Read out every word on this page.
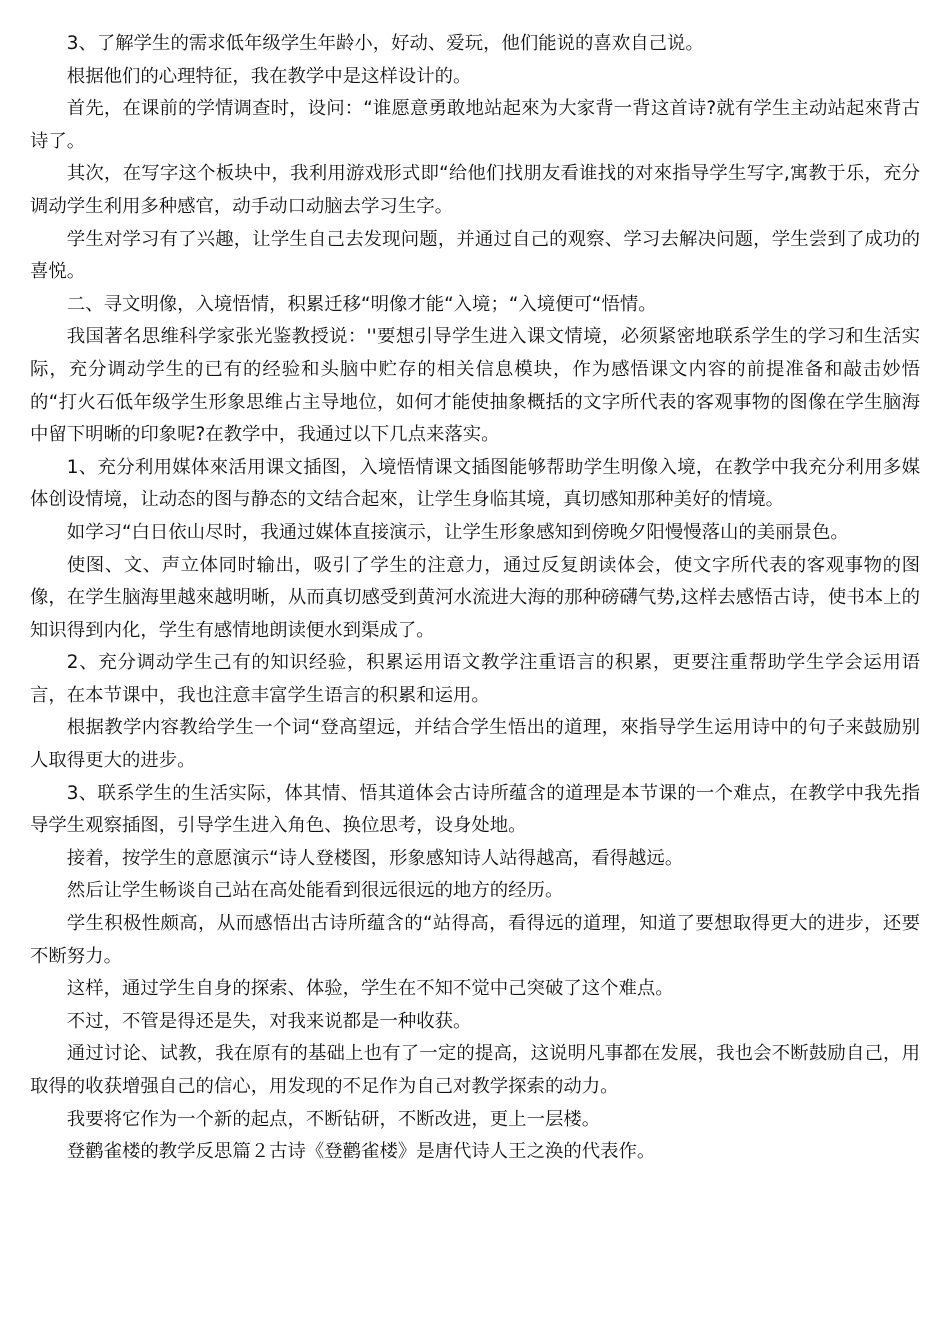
3、了解学生的需求低年级学生年龄小，好动、爱玩，他们能说的喜欢自己说。

根据他们的心理特征，我在教学中是这样设计的。

首先，在课前的学情调查时，设问：“谁愿意勇敢地站起來为大家背一背这首诗?就有学生主动站起來背古诗了。

其次，在写字这个板块中，我利用游戏形式即“给他们找朋友看谁找的对來指导学生写字,寓教于乐，充分调动学生利用多种感官，动手动口动脑去学习生字。

学生对学习有了兴趣，让学生自己去发现问题，并通过自己的观察、学习去解决问题，学生尝到了成功的喜悦。

二、寻文明像，入境悟情，积累迁移“明像才能“入境；“入境便可“悟情。

我国著名思维科学家张光鉴教授说：''要想引导学生进入课文情境，必须紧密地联系学生的学习和生活实际，充分调动学生的已有的经验和头脑中贮存的相关信息模块，作为感悟课文内容的前提准备和敲击妙悟的“打火石低年级学生形象思维占主导地位，如何才能使抽象概括的文字所代表的客观事物的图像在学生脑海中留下明晰的印象呢?在教学中，我通过以下几点来落实。

1、充分利用媒体來活用课文插图，入境悟情课文插图能够帮助学生明像入境，在教学中我充分利用多媒体创设情境，让动态的图与静态的文结合起來，让学生身临其境，真切感知那种美好的情境。

如学习“白日依山尽时，我通过媒体直接演示，让学生形象感知到傍晚夕阳慢慢落山的美丽景色。

使图、文、声立体同时输出，吸引了学生的注意力，通过反复朗读体会，使文字所代表的客观事物的图像，在学生脑海里越來越明晰，从而真切感受到黄河水流进大海的那种磅礴气势,这样去感悟古诗，使书本上的知识得到内化，学生有感情地朗读便水到渠成了。

2、充分调动学生己有的知识经验，积累运用语文教学注重语言的积累，更要注重帮助学生学会运用语言，在本节课中，我也注意丰富学生语言的积累和运用。

根据教学内容教给学生一个词“登高望远，并结合学生悟出的道理，來指导学生运用诗中的句子来鼓励别人取得更大的进步。

3、联系学生的生活实际，体其情、悟其道体会古诗所蕴含的道理是本节课的一个难点，在教学中我先指导学生观察插图，引导学生进入角色、换位思考，设身处地。

接着，按学生的意愿演示“诗人登楼图，形象感知诗人站得越高，看得越远。

然后让学生畅谈自己站在高处能看到很远很远的地方的经历。

学生积极性颇高，从而感悟出古诗所蕴含的“站得高，看得远的道理，知道了要想取得更大的进步，还要不断努力。

这样，通过学生自身的探索、体验，学生在不知不觉中己突破了这个难点。

不过，不管是得还是失，对我来说都是一种收获。

通过讨论、试教，我在原有的基础上也有了一定的提高，这说明凡事都在发展，我也会不断鼓励自己，用取得的收获增强自己的信心，用发现的不足作为自己对教学探索的动力。

我要将它作为一个新的起点，不断钻研，不断改进，更上一层楼。

登鹳雀楼的教学反思篇２古诗《登鹳雀楼》是唐代诗人王之涣的代表作。
